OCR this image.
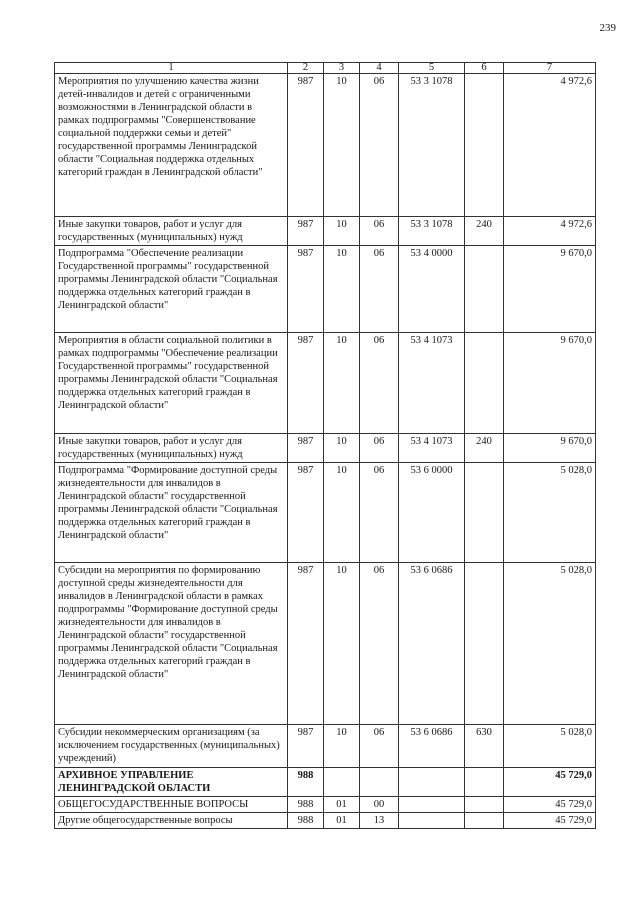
239
1	2	3	4	5	6	7
Мероприятия по улучшению качества жизни детей-инвалидов и детей с ограниченными возможностями в Ленинградской области в рамках подпрограммы "Совершенствование социальной поддержки семьи и детей" государственной программы Ленинградской области "Социальная поддержка отдельных категорий граждан в Ленинградской области"	987	10	06	53 3 1078		4 972,6
Иные закупки товаров, работ и услуг для государственных (муниципальных) нужд	987	10	06	53 3 1078	240	4 972,6
Подпрограмма "Обеспечение реализации Государственной программы" государственной программы Ленинградской области "Социальная поддержка отдельных категорий граждан в Ленинградской области"	987	10	06	53 4 0000		9 670,0
Мероприятия в области социальной политики в рамках подпрограммы "Обеспечение реализации Государственной программы" государственной программы Ленинградской области "Социальная поддержка отдельных категорий граждан в Ленинградской области"	987	10	06	53 4 1073		9 670,0
Иные закупки товаров, работ и услуг для государственных (муниципальных) нужд	987	10	06	53 4 1073	240	9 670,0
Подпрограмма "Формирование доступной среды жизнедеятельности для инвалидов в Ленинградской области" государственной программы Ленинградской области "Социальная поддержка отдельных категорий граждан в Ленинградской области"	987	10	06	53 6 0000		5 028,0
Субсидии на мероприятия по формированию доступной среды жизнедеятельности для инвалидов в Ленинградской области в рамках подпрограммы "Формирование доступной среды жизнедеятельности для инвалидов в Ленинградской области" государственной программы Ленинградской области "Социальная поддержка отдельных категорий граждан в Ленинградской области"	987	10	06	53 6 0686		5 028,0
Субсидии некоммерческим организациям (за исключением государственных (муниципальных) учреждений)	987	10	06	53 6 0686	630	5 028,0
АРХИВНОЕ УПРАВЛЕНИЕ ЛЕНИНГРАДСКОЙ ОБЛАСТИ	988					45 729,0
ОБЩЕГОСУДАРСТВЕННЫЕ ВОПРОСЫ	988	01	00			45 729,0
Другие общегосударственные вопросы	988	01	13			45 729,0
